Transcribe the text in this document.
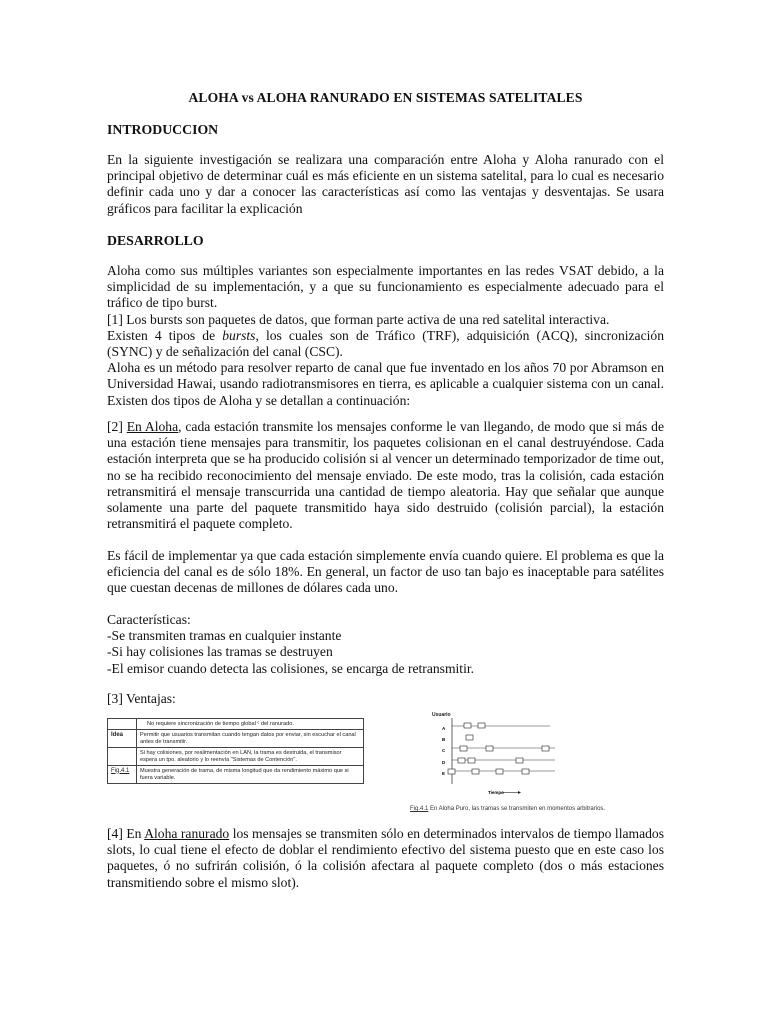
ALOHA vs ALOHA RANURADO EN SISTEMAS SATELITALES
INTRODUCCION

En la siguiente investigación se realizara una comparación entre Aloha y Aloha ranurado con el principal objetivo de determinar cuál es más eficiente en un sistema satelital, para lo cual es necesario definir cada uno y dar a conocer las características así como las ventajas y desventajas. Se usara gráficos para facilitar la explicación

DESARROLLO

Aloha como sus múltiples variantes son especialmente importantes en las redes VSAT debido, a la simplicidad de su implementación, y a que su funcionamiento es especialmente adecuado para el tráfico de tipo burst.

[1] Los bursts son paquetes de datos, que forman parte activa de una red satelital interactiva.

Existen 4 tipos de bursts, los cuales son de Tráfico (TRF), adquisición (ACQ), sincronización (SYNC) y de señalización del canal (CSC).

Aloha es un método para resolver reparto de canal que fue inventado en los años 70 por Abramson en Universidad Hawai, usando radiotransmisores en tierra, es aplicable a cualquier sistema con un canal. Existen dos tipos de Aloha y se detallan a continuación:

[2] En Aloha, cada estación transmite los mensajes conforme le van llegando, de modo que si más de una estación tiene mensajes para transmitir, los paquetes colisionan en el canal destruyéndose. Cada estación interpreta que se ha producido colisión si al vencer un determinado temporizador de time out, no se ha recibido reconocimiento del mensaje enviado. De este modo, tras la colisión, cada estación retransmitirá el mensaje transcurrida una cantidad de tiempo aleatoria. Hay que señalar que aunque solamente una parte del paquete transmitido haya sido destruido (colisión parcial), la estación retransmitirá el paquete completo.

Es fácil de implementar ya que cada estación simplemente envía cuando quiere. El problema es que la eficiencia del canal es de sólo 18%. En general, un factor de uso tan bajo es inaceptable para satélites que cuestan decenas de millones de dólares cada uno.

Características:
-Se transmiten tramas en cualquier instante
-Si hay colisiones las tramas se destruyen
-El emisor cuando detecta las colisiones, se encarga de retransmitir.
[3] Ventajas:

[4] En Aloha ranurado los mensajes se transmiten sólo en determinados intervalos de tiempo llamados slots, lo cual tiene el efecto de doblar el rendimiento efectivo del sistema puesto que en este caso los paquetes, ó no sufrirán colisión, ó la colisión afectara al paquete completo (dos o más estaciones transmitiendo sobre el mismo slot).

	No requiere sincronización de tiempo global ᶜ del ranurado.
Idea	Permitir que usuarios transmitan cuando tengan datos por enviar, sin escuchar el canal antes de transmitir.
	Si hay colisiones, por realimentación en LAN, la trama es destruida, el transmisor espera un tpo. aleatorio y lo reenvía "Sistemas de Contención".
Fig.4.1	Muestra generación de trama, de misma longitud que da rendimiento máximo que si fuera variable.
Usuario
A
B
C
D
E
Tiempo
Fig.4.1 En Aloha Puro, las tramas se transmiten en momentos arbitrarios.
